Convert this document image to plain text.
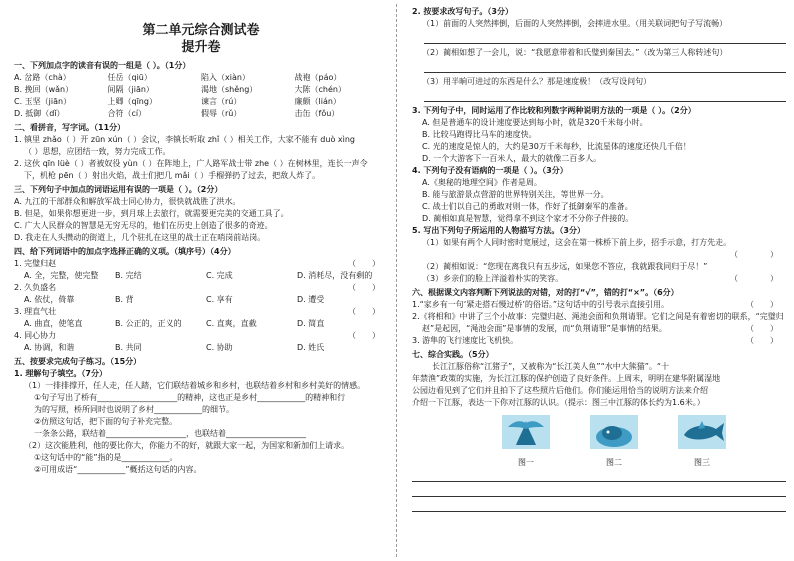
第二单元综合测试卷
提升卷
一、下列加点字的读音有误的一组是（ ）。（1分）
A. 岔路（chà）	任岳（qiū）	陷入（xiàn）	战袍（páo）
B. 挽回（wǎn）	间隔（jiān）	渴地（shěng）	大陈（chén）
C. 玉坚（jiān）	上卿（qīng）	谏言（rú）	廉颇（lián）
D. 抵御（dǐ）	合符（cí）	假辱（rǔ）	击缶（fǒu）
二、看拼音，写字词。（11分）
1. 镇里 zhǎo（ ）开 zūn xún（ ）会议，李镇长听取 zhǐ（ ）相关工作，大家不能有 duò xìng
（ ）思想，应团结一致，努力完成工作。
2. 这伙 qīn lüè（ ）者被奴役 yùn（ ）在阵地上，广人路军战士带 zhe（ ）在树林里，连长一声令
下，机枪 pēn（ ）射出火焰，战士们把几 mǎi（ ）手榴弹扔了过去，把敌人炸了。
三、下列句子中加点的词语运用有误的一项是（ ）。（2分）
A. 九江的干部群众和解放军战士同心协力，很快就战胜了洪水。
B. 但是，如果你想更进一步，到月球上去旅行，就需要更完美的交通工具了。
C. 广大人民群众的智慧是无穷无尽的，他们在历史上创造了很多的奇迹。
D. 我走在人头攒动的街道上，几个驻扎在这里的战士正在哨岗前站岗。
四、给下列词语中的加点字选择正确的义项。（填序号）（4分）
1. 完璧归赵	（　　）
A. 全，完整，使完整	B. 完结	C. 完成	D. 消耗尽，没有剩的
2. 久负盛名	（　　）
A. 依仗，倚靠	B. 背	C. 享有	D. 遭受
3. 理直气壮	（　　）
A. 曲直，使笔直	B. 公正的，正义的	C. 直爽，直截	D. 简直
4. 同心协力	（　　）
A. 协调，和谐	B. 共同	C. 协助	D. 姓氏
五、按要求完成句子练习。（15分）
1. 理解句子填空。（7分）
（1）一排排撑开，任人走，任人踏，它们联结着城乡和乡村，也联结着乡村和乡村美好的情感。
①句子写出了桥有____________________的精神，这也正是乡村____________的精神和行
为的写照，桥所同时也说明了乡村____________的细节。
②仿照这句话，把下面的句子补充完整。
一条条公路，联结着____________________，也联结着____________________
（2）这次能胜利，他的要比你大，你能力不的好，就跟大家一起，为国家和新加们上请求。
①这句话中的“能”指的是____________。
②可用成语“____________”概括这句话的内容。
2. 按要求改写句子。（3分）
（1）前面的人突然摔倒，后面的人突然摔倒，会摔进水里。（用关联词把句子写流畅）
（2）蔺相如想了一会儿，说：“我愿意带着和氏璧到秦国去。”（改为第三人称转述句）
（3）用半晌可进过的东西是什么？那是速度极！（改写设问句）
3. 下列句子中，同时运用了作比较和列数字两种说明方法的一项是（ ）。（2分）
A. 但是普通车的设计速度要达到每小时，就是320千米每小时。
B. 比较马跑得比马车的速度快。
C. 光的速度是惊人的，大约是30万千米每秒，比流星体的速度还快几千倍！
D. 一个大游客下一百米人，最大的就像二百多人。
4. 下列句子没有语病的一项是（ ）。（3分）
A.《奥秘的地理空间》作者是周。
B. 能与旅游景点营游的世界特别关注，等世界一分。
C. 战士们以自己的勇敢对则一体，作好了抵御秦军的准备。
D. 蔺相如真是智慧，觉得拿不到这个家才不分你子件接的。
5. 写出下列句子所运用的人物描写方法。（3分）
（1）如果有两个人同时密时宽展过，这会在第一株桥下前上步，招手示意，打方先走。
（　　　　）

（2）蔺相如说：“您现在离我只有五步远，如果您不答应，我就跟我同归于尽！”
（3）乡亲们的脸上洋溢着朴实的笑容。	（　　　　）
六、根据课文内容判断下列说法的对错，对的打“√”，错的打“×”。（6分）
1.“家乡有一句‘紧走搭石慢过桥’的俗语。”这句话中的引号表示直接引用。	（　　）
2.《将相和》中讲了三个小故事：完璧归赵、渑池会面和负荆请罪。它们之间是有着密切的联系，“完璧归
赵”是起因，“渑池会面”是事情的发展，而“负荆请罪”是事情的结果。	（　　）
3. 游隼的飞行速度比飞机快。	（　　）
七、综合实践。（5分）
长江江豚俗称“江猪子”，又被称为“长江美人鱼”“水中大熊猫”。“十
年禁渔”政策的实施，为长江江豚的保护创造了良好条件。上周末，明明在建华附属湿地
公园边看见到了它们并且拍下了这些照片后他们。你们能运用恰当的说明方法来介绍
介绍一下江豚，表达一下你对江豚的认识。（提示：图三中江豚的体长约为1.6米。）
图一	图二	图三
